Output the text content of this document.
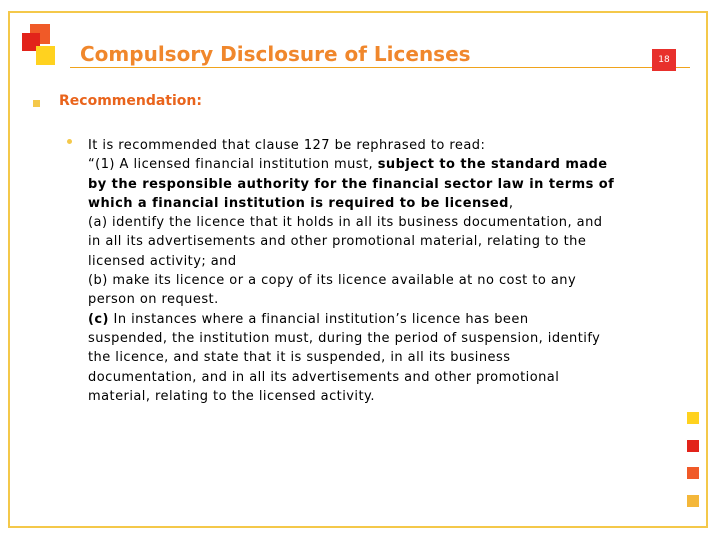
Compulsory Disclosure of Licenses	18
Recommendation:
It is recommended that clause 127 be rephrased to read:
“(1) A licensed financial institution must, subject to the standard made
by the responsible authority for the financial sector law in terms of
which a financial institution is required to be licensed,
(a) identify the licence that it holds in all its business documentation, and
in all its advertisements and other promotional material, relating to the
licensed activity; and
(b) make its licence or a copy of its licence available at no cost to any
person on request.
(c) In instances where a financial institution’s licence has been
suspended, the institution must, during the period of suspension, identify
the licence, and state that it is suspended, in all its business
documentation, and in all its advertisements and other promotional
material, relating to the licensed activity.
